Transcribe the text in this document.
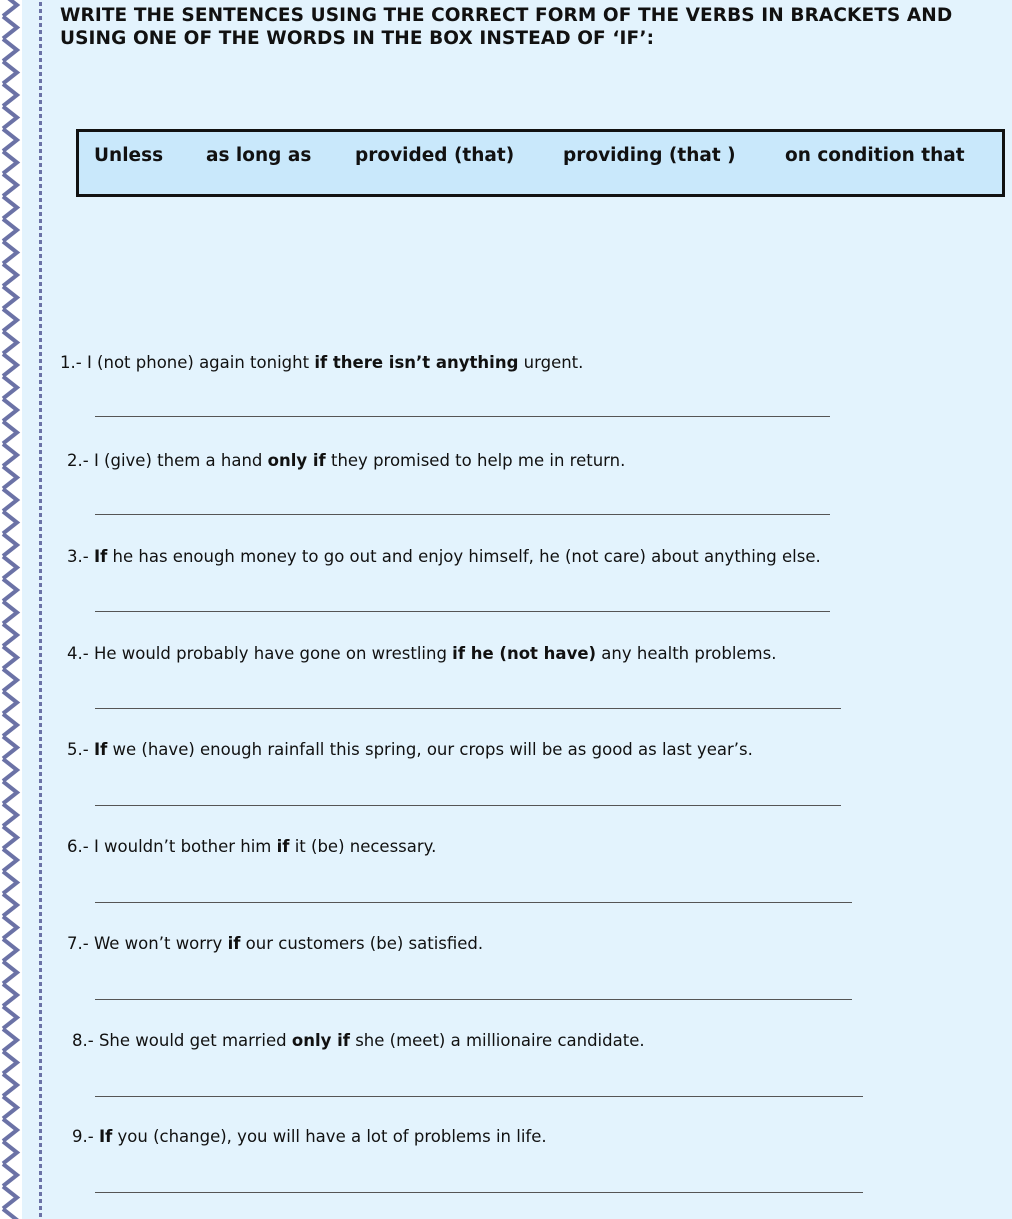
WRITE THE SENTENCES USING THE CORRECT FORM OF THE VERBS IN BRACKETS AND USING ONE OF THE WORDS IN THE BOX INSTEAD OF ‘IF’:
Unless as long as provided (that)	providing (that )	on condition that
1.- I (not phone) again tonight if there isn’t anything urgent.
2.- I (give) them a hand only if they promised to help me in return.
3.- If he has enough money to go out and enjoy himself, he (not care) about anything else.
4.- He would probably have gone on wrestling if he (not have) any health problems.
5.- If we (have) enough rainfall this spring, our crops will be as good as last year’s.
6.- I wouldn’t bother him if it (be) necessary.
7.- We won’t worry if our customers (be) satisfied.
8.- She would get married only if she (meet) a millionaire candidate.
9.- If you (change), you will have a lot of problems in life.
